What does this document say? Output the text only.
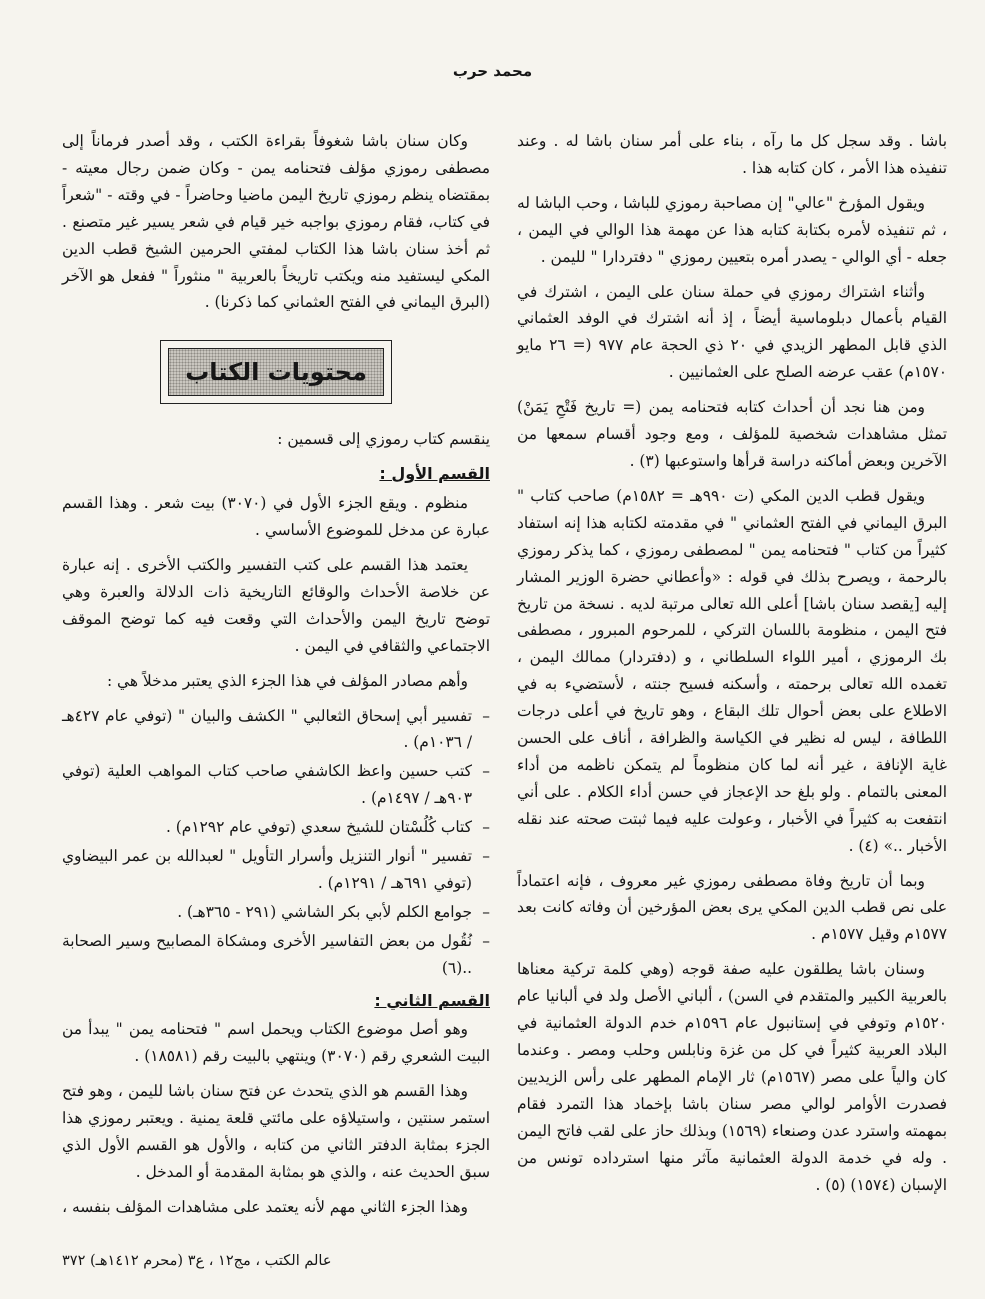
محمد حرب

باشا . وقد سجل كل ما رآه ، بناء على أمر سنان باشا له . وعند تنفيذه هذا الأمر ، كان كتابه هذا .

ويقول المؤرخ "عالي" إن مصاحبة رموزي للباشا ، وحب الباشا له ، ثم تنفيذه لأمره بكتابة كتابه هذا عن مهمة هذا الوالي في اليمن ، جعله - أي الوالي - يصدر أمره بتعيين رموزي " دفتردارا " لليمن .

وأثناء اشتراك رموزي في حملة سنان على اليمن ، اشترك في القيام بأعمال دبلوماسية أيضاً ، إذ أنه اشترك في الوفد العثماني الذي قابل المطهر الزيدي في ٢٠ ذي الحجة عام ٩٧٧ (= ٢٦ مايو ١٥٧٠م) عقب عرضه الصلح على العثمانيين .

ومن هنا نجد أن أحداث كتابه فتحنامه يمن (= تاريخ فَتْحِ يَمَنْ) تمثل مشاهدات شخصية للمؤلف ، ومع وجود أقسام سمعها من الآخرين وبعض أماكنه دراسة قرأها واستوعبها (٣) .

ويقول قطب الدين المكي (ت ٩٩٠هـ = ١٥٨٢م) صاحب كتاب " البرق اليماني في الفتح العثماني " في مقدمته لكتابه هذا إنه استفاد كثيراً من كتاب " فتحنامه يمن " لمصطفى رموزي ، كما يذكر رموزي بالرحمة ، ويصرح بذلك في قوله : «وأعطاني حضرة الوزير المشار إليه [يقصد سنان باشا] أعلى الله تعالى مرتبة لديه . نسخة من تاريخ فتح اليمن ، منظومة باللسان التركي ، للمرحوم المبرور ، مصطفى بك الرموزي ، أمير اللواء السلطاني ، و (دفتردار) ممالك اليمن ، تغمده الله تعالى برحمته ، وأسكنه فسيح جنته ، لأستضيء به في الاطلاع على بعض أحوال تلك البقاع ، وهو تاريخ في أعلى درجات اللطافة ، ليس له نظير في الكياسة والظرافة ، أناف على الحسن غاية الإنافة ، غير أنه لما كان منظوماً لم يتمكن ناظمه من أداء المعنى بالتمام . ولو بلغ حد الإعجاز في حسن أداء الكلام . على أني انتفعت به كثيراً في الأخبار ، وعولت عليه فيما ثبتت صحته عند نقله الأخبار ..» (٤) .

وبما أن تاريخ وفاة مصطفى رموزي غير معروف ، فإنه اعتماداً على نص قطب الدين المكي يرى بعض المؤرخين أن وفاته كانت بعد ١٥٧٧م وقيل ١٥٧٧م .

وسنان باشا يطلقون عليه صفة قوجه (وهي كلمة تركية معناها بالعربية الكبير والمتقدم في السن) ، ألباني الأصل ولد في ألبانيا عام ١٥٢٠م وتوفي في إستانبول عام ١٥٩٦م خدم الدولة العثمانية في البلاد العربية كثيراً في كل من غزة ونابلس وحلب ومصر . وعندما كان والياً على مصر (١٥٦٧م) ثار الإمام المطهر على رأس الزيديين فصدرت الأوامر لوالي مصر سنان باشا بإخماد هذا التمرد فقام بمهمته واسترد عدن وصنعاء (١٥٦٩) وبذلك حاز على لقب فاتح اليمن . وله في خدمة الدولة العثمانية مآثر منها استرداده تونس من الإسبان (١٥٧٤) (٥) .

وكان سنان باشا شغوفاً بقراءة الكتب ، وقد أصدر فرماناً إلى مصطفى رموزي مؤلف فتحنامه يمن - وكان ضمن رجال معيته - بمقتضاه ينظم رموزي تاريخ اليمن ماضيا وحاضراً - في وقته - "شعراً في كتاب، فقام رموزي بواجبه خير قيام في شعر يسير غير متصنع . ثم أخذ سنان باشا هذا الكتاب لمفتي الحرمين الشيخ قطب الدين المكي ليستفيد منه ويكتب تاريخاً بالعربية " منثوراً " ففعل هو الآخر (البرق اليماني في الفتح العثماني كما ذكرنا) .

محتويات الكتاب

ينقسم كتاب رموزي إلى قسمين :

القسم الأول :

منظوم . ويقع الجزء الأول في (٣٠٧٠) بيت شعر . وهذا القسم عبارة عن مدخل للموضوع الأساسي .

يعتمد هذا القسم على كتب التفسير والكتب الأخرى . إنه عبارة عن خلاصة الأحداث والوقائع التاريخية ذات الدلالة والعبرة وهي توضح تاريخ اليمن والأحداث التي وقعت فيه كما توضح الموقف الاجتماعي والثقافي في اليمن .

وأهم مصادر المؤلف في هذا الجزء الذي يعتبر مدخلاً هي :

– تفسير أبي إسحاق الثعالبي " الكشف والبيان " (توفي عام ٤٢٧هـ / ١٠٣٦م) .
– كتب حسين واعظ الكاشفي صاحب كتاب المواهب العلية (توفي ٩٠٣هـ / ١٤٩٧م) .
– كتاب كُلُسْتان للشيخ سعدي (توفي عام ١٢٩٢م) .
– تفسير " أنوار التنزيل وأسرار التأويل " لعبدالله بن عمر البيضاوي (توفي ٦٩١هـ / ١٢٩١م) .
– جوامع الكلم لأبي بكر الشاشي (٢٩١ - ٣٦٥هـ) .
– نُقُول من بعض التفاسير الأخرى ومشكاة المصابيح وسير الصحابة ..(٦)
القسم الثاني :

وهو أصل موضوع الكتاب ويحمل اسم " فتحنامه يمن " يبدأ من البيت الشعري رقم (٣٠٧٠) وينتهي بالبيت رقم (١٨٥٨١) .

وهذا القسم هو الذي يتحدث عن فتح سنان باشا لليمن ، وهو فتح استمر سنتين ، واستيلاؤه على مائتي قلعة يمنية . ويعتبر رموزي هذا الجزء بمثابة الدفتر الثاني من كتابه ، والأول هو القسم الأول الذي سبق الحديث عنه ، والذي هو بمثابة المقدمة أو المدخل .

وهذا الجزء الثاني مهم لأنه يعتمد على مشاهدات المؤلف بنفسه ،

عالم الكتب ، مج١٢ ، ع٣ (محرم ١٤١٢هـ) ٣٧٢
